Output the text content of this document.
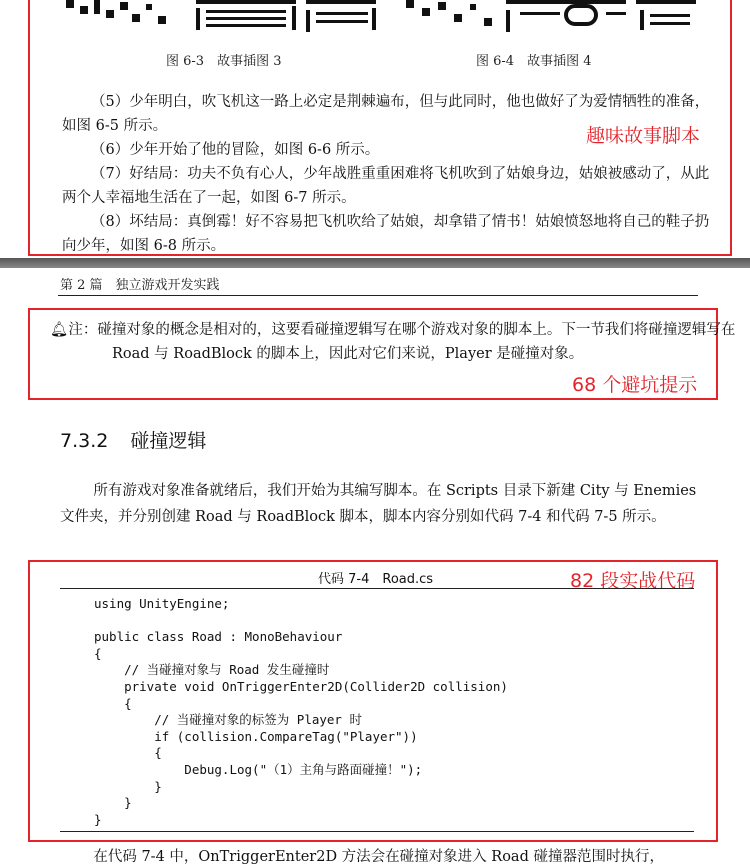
图 6-3　故事插图 3	图 6-4　故事插图 4
（5）少年明白，吹飞机这一路上必定是荆棘遍布，但与此同时，他也做好了为爱情牺牲的准备，如图 6-5 所示。
（6）少年开始了他的冒险，如图 6-6 所示。
（7）好结局：功夫不负有心人，少年战胜重重困难将飞机吹到了姑娘身边，姑娘被感动了，从此两个人幸福地生活在了一起，如图 6-7 所示。
（8）坏结局：真倒霉！好不容易把飞机吹给了姑娘，却拿错了情书！姑娘愤怒地将自己的鞋子扔向少年，如图 6-8 所示。
趣味故事脚本
第 2 篇　独立游戏开发实践
🔔︎注：碰撞对象的概念是相对的，这要看碰撞逻辑写在哪个游戏对象的脚本上。下一节我们将碰撞逻辑写在 Road 与 RoadBlock 的脚本上，因此对它们来说，Player 是碰撞对象。
68 个避坑提示
7.3.2 碰撞逻辑
所有游戏对象准备就绪后，我们开始为其编写脚本。在 Scripts 目录下新建 City 与 Enemies 文件夹，并分别创建 Road 与 RoadBlock 脚本，脚本内容分别如代码 7-4 和代码 7-5 所示。
代码 7-4　Road.cs	82 段实战代码
using UnityEngine;
public class Road : MonoBehaviour
{
// 当碰撞对象与 Road 发生碰撞时
private void OnTriggerEnter2D(Collider2D collision)
{
// 当碰撞对象的标签为 Player 时
if (collision.CompareTag("Player"))
{
Debug.Log("（1）主角与路面碰撞！");
}
}
}
在代码 7-4 中，OnTriggerEnter2D 方法会在碰撞对象进入 Road 碰撞器范围时执行，
